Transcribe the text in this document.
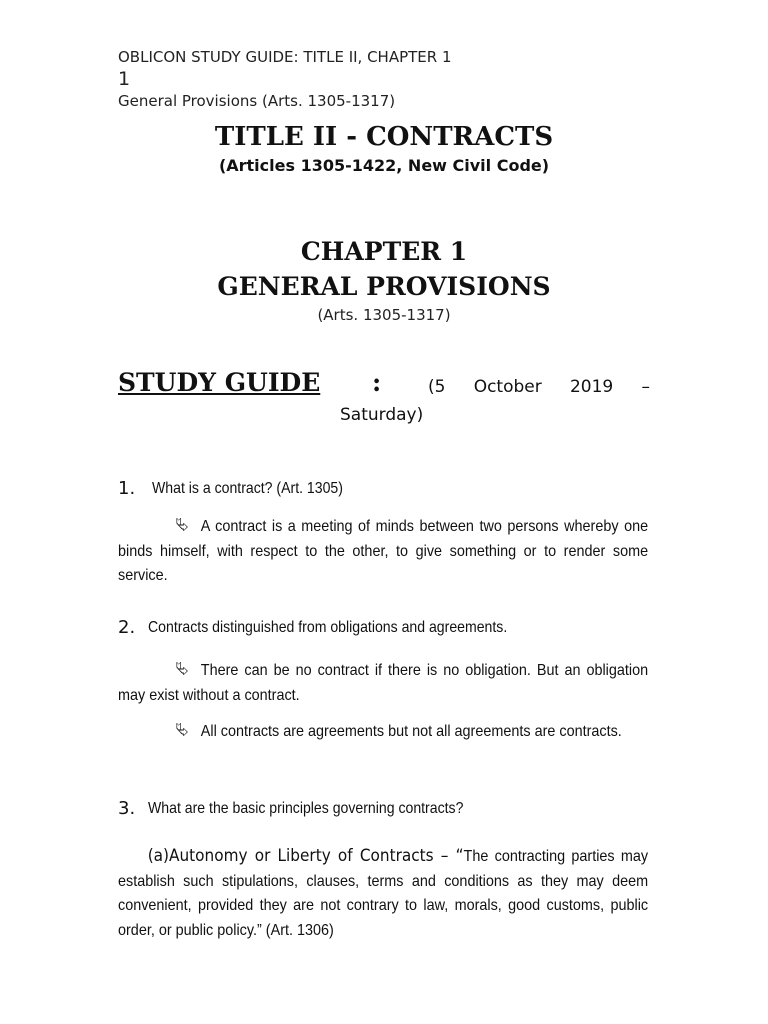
OBLICON STUDY GUIDE: TITLE II, CHAPTER 1
1
General Provisions (Arts. 1305-1317)
TITLE II - CONTRACTS
(Articles 1305-1422, New Civil Code)
CHAPTER 1
GENERAL PROVISIONS
(Arts. 1305-1317)
STUDY GUIDE :	(5 October 2019 –
Saturday)
1. What is a contract? (Art. 1305)
⮱ A contract is a meeting of minds between two persons whereby one binds himself, with respect to the other, to give something or to render some service.
2. Contracts distinguished from obligations and agreements.
⮱ There can be no contract if there is no obligation. But an obligation may exist without a contract.
⮱ All contracts are agreements but not all agreements are contracts.
3. What are the basic principles governing contracts?
(a)Autonomy or Liberty of Contracts – “The contracting parties may establish such stipulations, clauses, terms and conditions as they may deem convenient, provided they are not contrary to law, morals, good customs, public order, or public policy.” (Art. 1306)
